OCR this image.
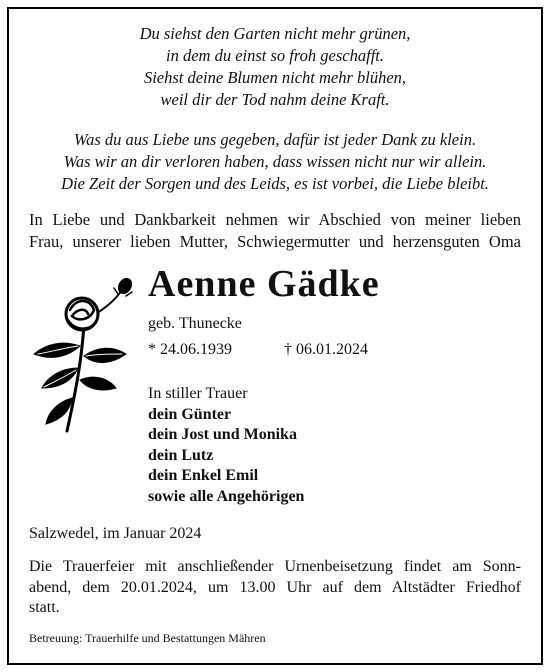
Du siehst den Garten nicht mehr grünen,
in dem du einst so froh geschafft.
Siehst deine Blumen nicht mehr blühen,
weil dir der Tod nahm deine Kraft.
Was du aus Liebe uns gegeben, dafür ist jeder Dank zu klein.
Was wir an dir verloren haben, dass wissen nicht nur wir allein.
Die Zeit der Sorgen und des Leids, es ist vorbei, die Liebe bleibt.
In Liebe und Dankbarkeit nehmen wir Abschied von meiner lieben
Frau, unserer lieben Mutter, Schwiegermutter und herzensguten Oma
Aenne Gädke
geb. Thunecke
* 24.06.1939	† 06.01.2024
In stiller Trauer
dein Günter
dein Jost und Monika
dein Lutz
dein Enkel Emil
sowie alle Angehörigen
Salzwedel, im Januar 2024
Die Trauerfeier mit anschließender Urnenbeisetzung findet am Sonn-
abend, dem 20.01.2024, um 13.00 Uhr auf dem Altstädter Friedhof
statt.
Betreuung: Trauerhilfe und Bestattungen Mähren
